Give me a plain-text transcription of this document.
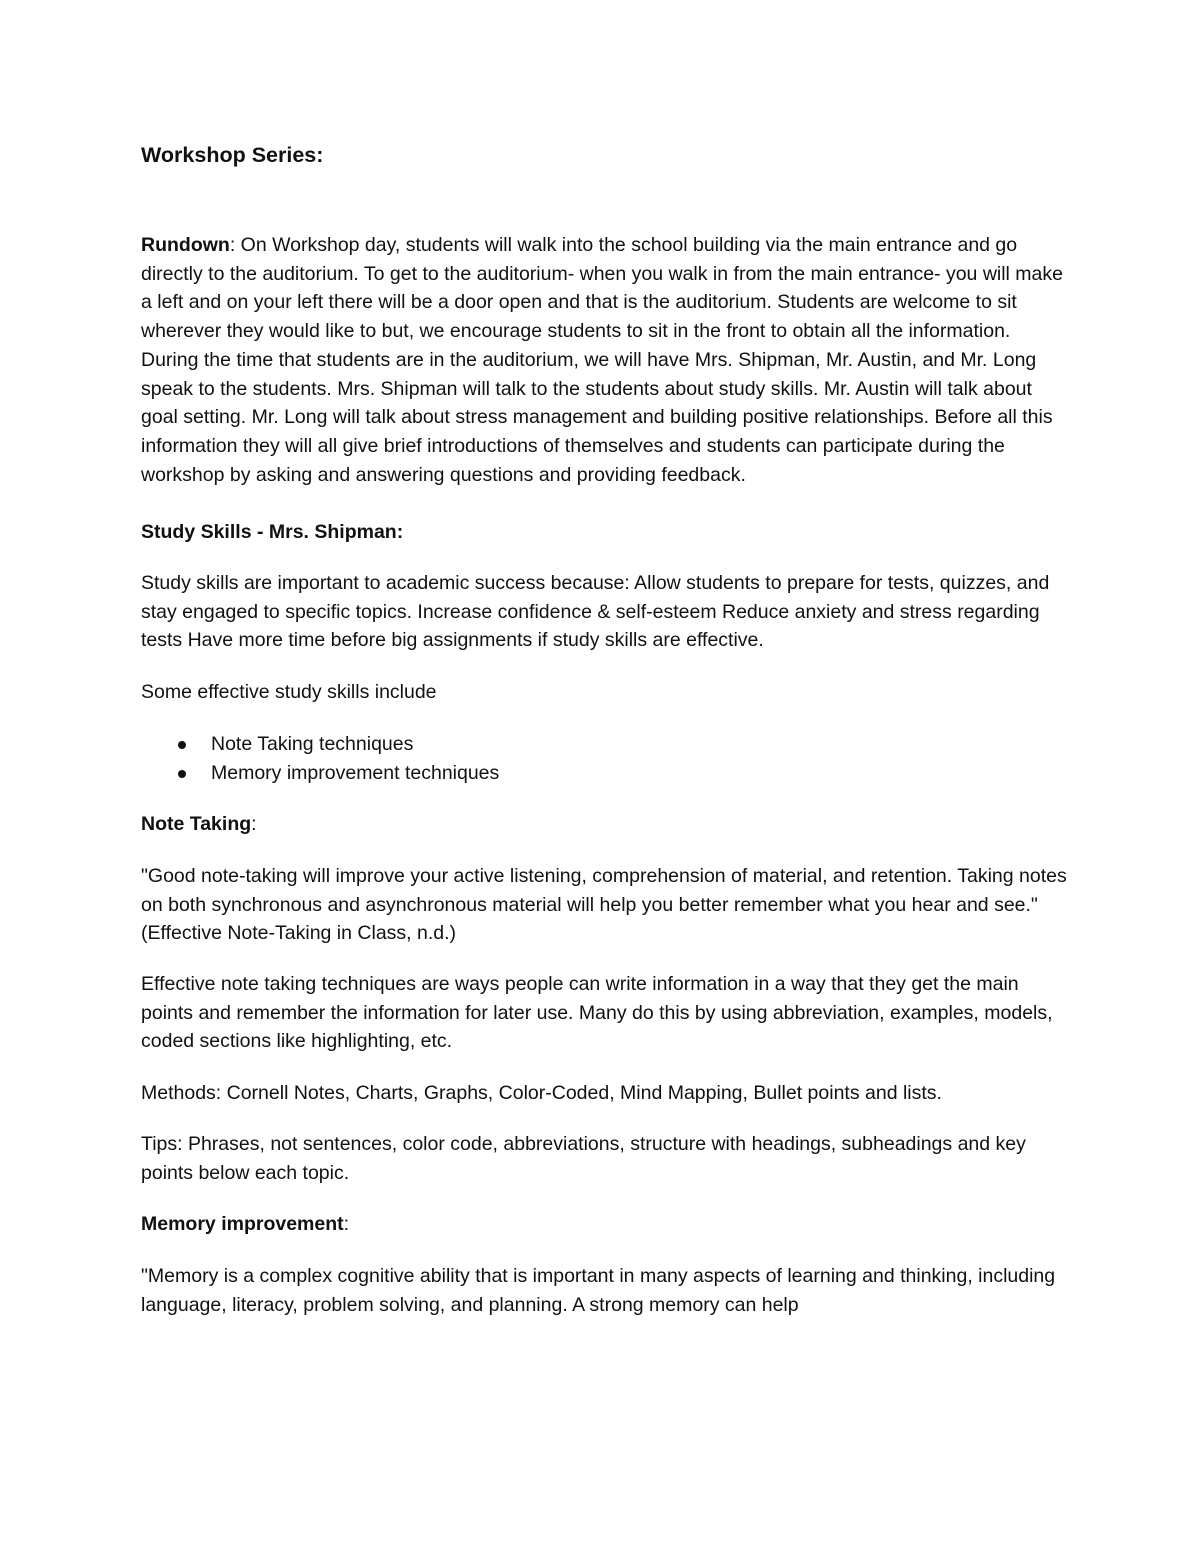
Workshop Series:

Rundown: On Workshop day, students will walk into the school building via the main entrance and go directly to the auditorium. To get to the auditorium- when you walk in from the main entrance- you will make a left and on your left there will be a door open and that is the auditorium. Students are welcome to sit wherever they would like to but, we encourage students to sit in the front to obtain all the information. During the time that students are in the auditorium, we will have Mrs. Shipman, Mr. Austin, and Mr. Long speak to the students. Mrs. Shipman will talk to the students about study skills. Mr. Austin will talk about goal setting. Mr. Long will talk about stress management and building positive relationships. Before all this information they will all give brief introductions of themselves and students can participate during the workshop by asking and answering questions and providing feedback.

Study Skills - Mrs. Shipman:

Study skills are important to academic success because: Allow students to prepare for tests, quizzes, and stay engaged to specific topics. Increase confidence & self-esteem Reduce anxiety and stress regarding tests Have more time before big assignments if study skills are effective.

Some effective study skills include

Note Taking techniques
Memory improvement techniques

Note Taking:

"Good note-taking will improve your active listening, comprehension of material, and retention. Taking notes on both synchronous and asynchronous material will help you better remember what you hear and see." (Effective Note-Taking in Class, n.d.)

Effective note taking techniques are ways people can write information in a way that they get the main points and remember the information for later use. Many do this by using abbreviation, examples, models, coded sections like highlighting, etc.

Methods: Cornell Notes, Charts, Graphs, Color-Coded, Mind Mapping, Bullet points and lists.

Tips: Phrases, not sentences, color code, abbreviations, structure with headings, subheadings and key points below each topic.

Memory improvement:

"Memory is a complex cognitive ability that is important in many aspects of learning and thinking, including language, literacy, problem solving, and planning. A strong memory can help
